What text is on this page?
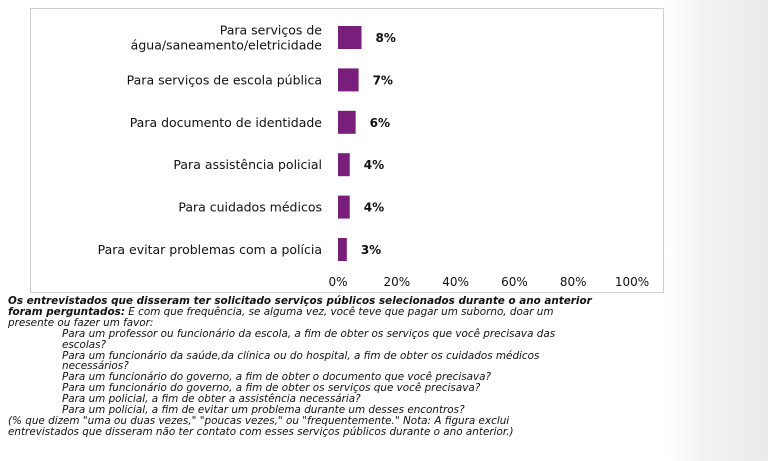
Para serviços de água/saneamento/eletricidade	8%
Para serviços de escola pública	7%
Para documento de identidade	6%
Para assistência policial	4%
Para cuidados médicos	4%
Para evitar problemas com a polícia	3%
0%	20%	40%	60%	80% 100%
Os entrevistados que disseram ter solicitado serviços públicos selecionados durante o ano anterior
foram perguntados: E com que frequência, se alguma vez, você teve que pagar um suborno, doar um
presente ou fazer um favor:
Para um professor ou funcionário da escola, a fim de obter os serviços que você precisava das
escolas?
Para um funcionário da saúde,da clínica ou do hospital, a fim de obter os cuidados médicos
necessários?
Para um funcionário do governo, a fim de obter o documento que você precisava?
Para um funcionário do governo, a fim de obter os serviços que você precisava?
Para um policial, a fim de obter a assistência necessária?
Para um policial, a fim de evitar um problema durante um desses encontros?
(% que dizem "uma ou duas vezes," "poucas vezes," ou "frequentemente." Nota: A figura exclui
entrevistados que disseram não ter contato com esses serviços públicos durante o ano anterior.)
